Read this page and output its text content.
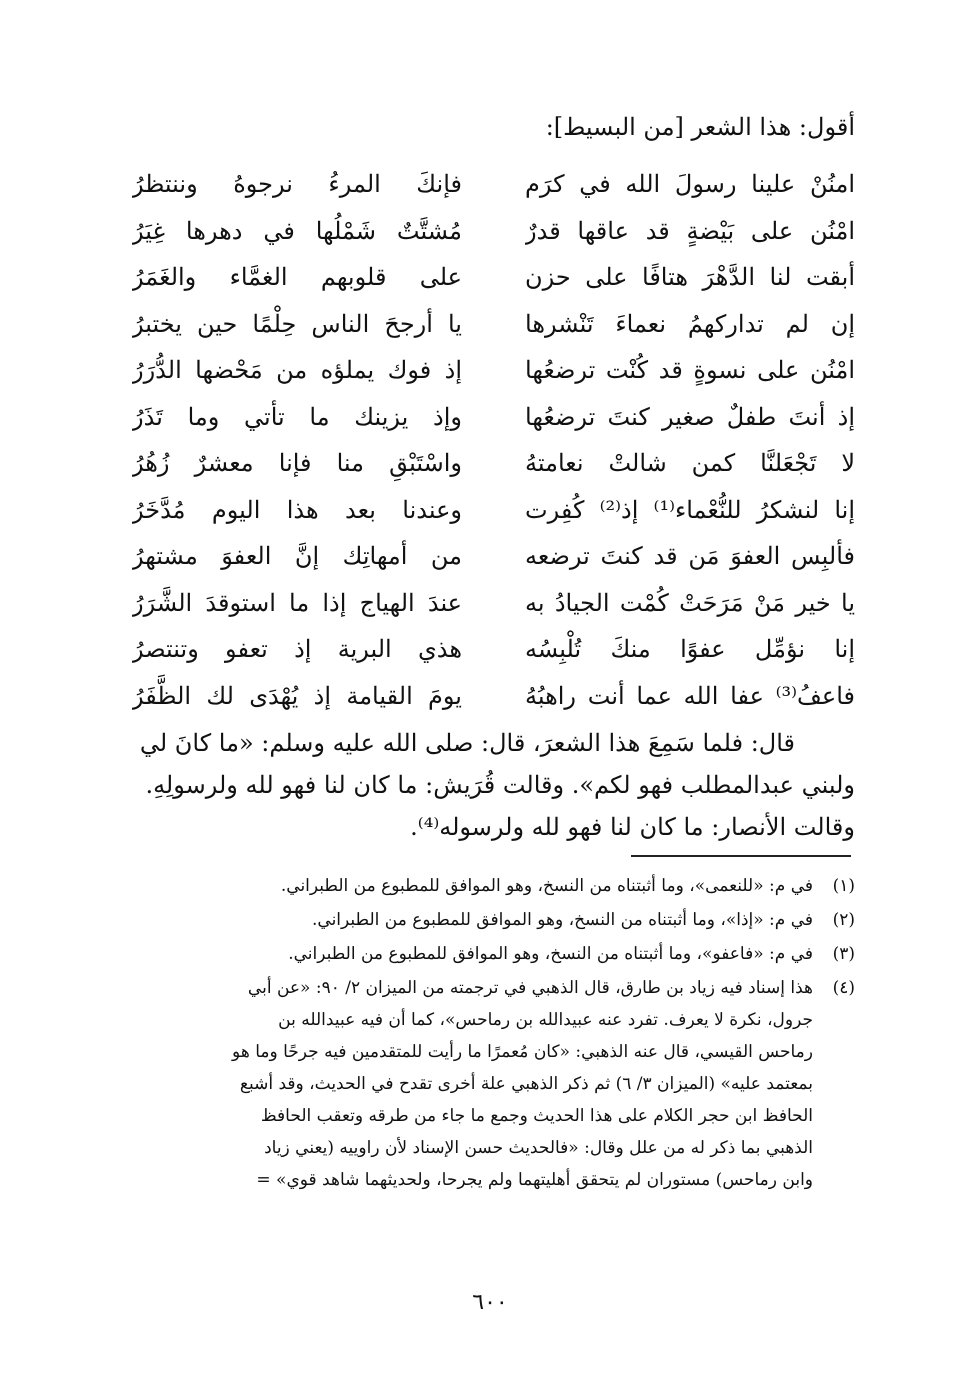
أقول: هذا الشعر [من البسيط]:
امنُنْ علينا رسولَ الله في كرَم
فإنكَ المرءُ نرجوهُ وننتظرُ
امْنُن على بَيْضةٍ قد عاقها قدرٌ
مُشتَّتٌ شَمْلُها في دهرها غِيَرُ
أبقت لنا الدَّهْرَ هتافًا على حزن
على قلوبهم الغمَّاء والغَمَرُ
إن لم تداركهمُ نعماءَ تَنْشرها
يا أرجحَ الناس حِلْمًا حين يختبرُ
امْنُن على نسوةٍ قد كُنْت ترضعُها
إذ فوك يملؤه من مَحْضها الدُّرَرُ
إذ أنتَ طفلٌ صغير كنتَ ترضعُها
وإذ يزينك ما تأتي وما تَذَرُ
لا تَجْعَلنَّا كمن شالتْ نعامتهُ
واسْتَبْقِ منا فإنا معشرٌ زُهُرُ
إنا لنشكرُ للنُّعْماء⁽¹⁾ إذ⁽²⁾ كُفِرت
وعندنا بعد هذا اليوم مُدَّخَرُ
فألبِس العفوَ مَن قد كنتَ ترضعه
من أمهاتِك إنَّ العفوَ مشتهرُ
يا خير مَنْ مَرَحَتْ كُمْت الجيادُ به
عندَ الهياج إذا ما استوقدَ الشَّرَرُ
إنا نؤمِّل عفوًا منكَ تُلْبِسُه
هذي البرية إذ تعفو وتنتصرُ
فاعفُ⁽³⁾ عفا الله عما أنت راهبُهُ
يومَ القيامة إذ يُهْدَى لك الظَّفَرُ
قال: فلما سَمِعَ هذا الشعرَ، قال: صلى الله عليه وسلم: «ما كانَ لي
ولبني عبدالمطلب فهو لكم». وقالت قُرَيش: ما كان لنا فهو لله ولرسولِهِ.
وقالت الأنصار: ما كان لنا فهو لله ولرسوله⁽⁴⁾.
(١)
في م: «للنعمى»، وما أثبتناه من النسخ، وهو الموافق للمطبوع من الطبراني.
(٢)
في م: «إذا»، وما أثبتناه من النسخ، وهو الموافق للمطبوع من الطبراني.
(٣)
في م: «فاعفو»، وما أثبتناه من النسخ، وهو الموافق للمطبوع من الطبراني.
(٤)
هذا إسناد فيه زياد بن طارق، قال الذهبي في ترجمته من الميزان ٢/ ٩٠: «عن أبي
جرول، نكرة لا يعرف. تفرد عنه عبيدالله بن رماحس»، كما أن فيه عبيدالله بن
رماحس القيسي، قال عنه الذهبي: «كان مُعمرًا ما رأيت للمتقدمين فيه جرحًا وما هو
بمعتمد عليه» (الميزان ٣/ ٦) ثم ذكر الذهبي علة أخرى تقدح في الحديث، وقد أشبع
الحافظ ابن حجر الكلام على هذا الحديث وجمع ما جاء من طرقه وتعقب الحافظ
الذهبي بما ذكر له من علل وقال: «فالحديث حسن الإسناد لأن راوييه (يعني زياد
وابن رماحس) مستوران لم يتحقق أهليتهما ولم يجرحا، ولحديثهما شاهد قوي» =
٦٠٠
